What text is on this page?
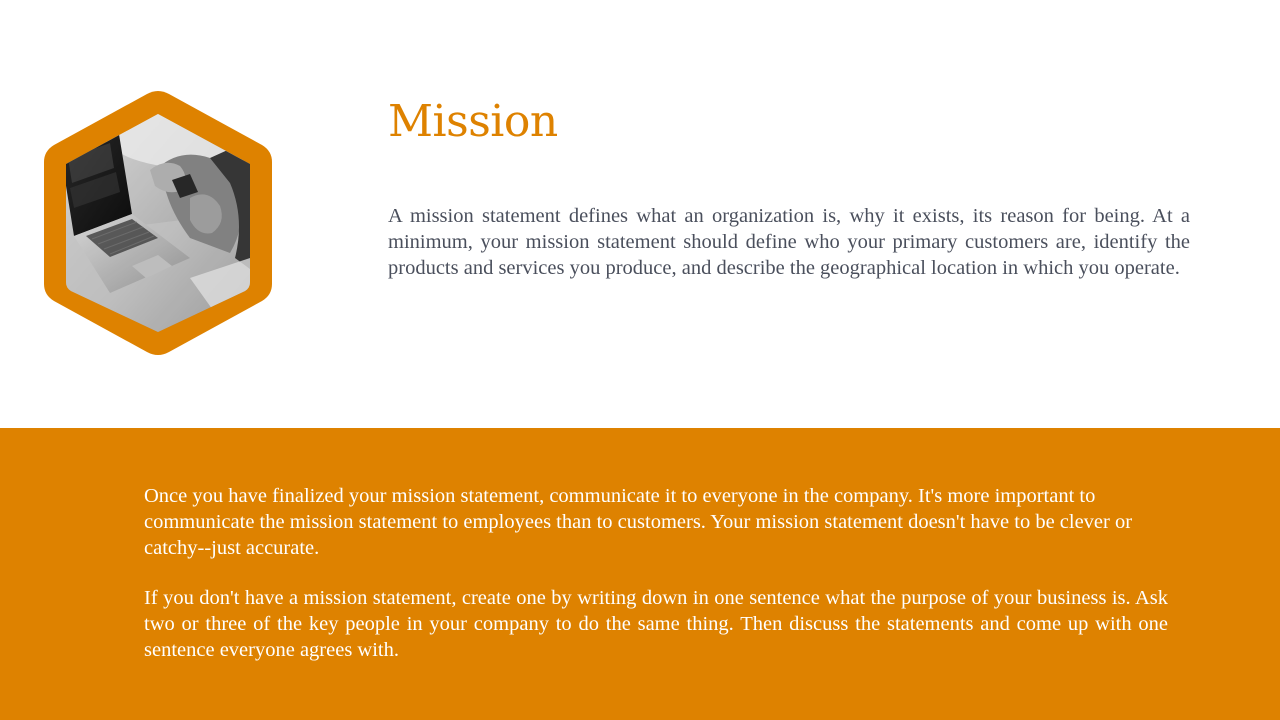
Mission

A mission statement defines what an organization is, why it exists, its reason for being. At a minimum, your mission statement should define who your primary customers are, identify the products and services you produce, and describe the geographical location in which you operate.

Once you have finalized your mission statement, communicate it to everyone in the company. It's more important to communicate the mission statement to employees than to customers. Your mission statement doesn't have to be clever or catchy--just accurate.

If you don't have a mission statement, create one by writing down in one sentence what the purpose of your business is. Ask two or three of the key people in your company to do the same thing. Then discuss the statements and come up with one sentence everyone agrees with.
